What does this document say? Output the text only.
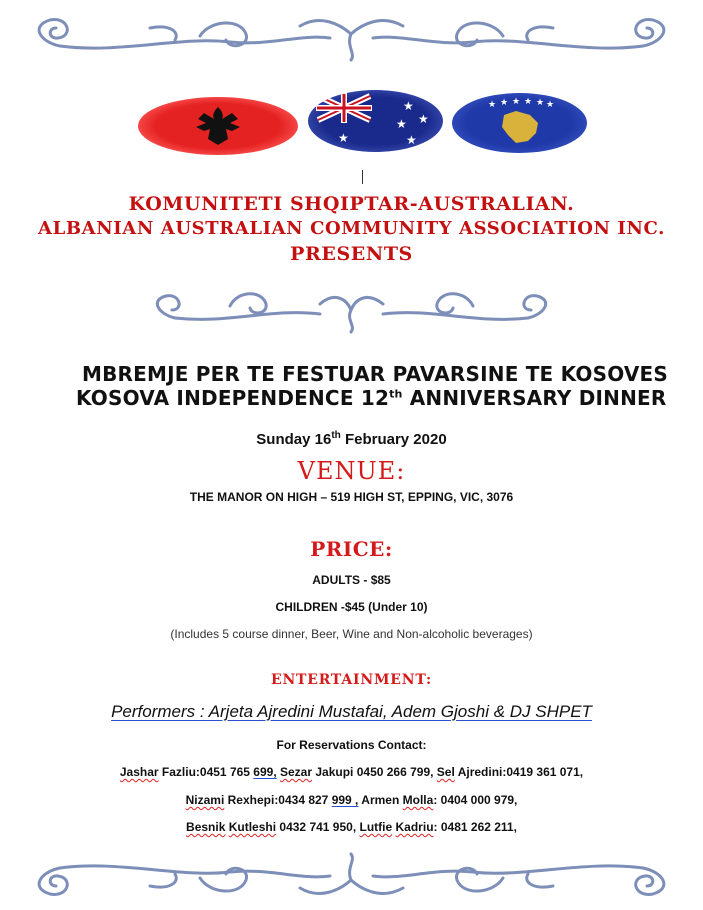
★
★
★
★
★
★ ★ ★ ★ ★ ★
KOMUNITETI SHQIPTAR-AUSTRALIAN.
ALBANIAN AUSTRALIAN COMMUNITY ASSOCIATION INC.
PRESENTS
MBREMJE PER TE FESTUAR PAVARSINE TE KOSOVES
KOSOVA INDEPENDENCE 12th ANNIVERSARY DINNER
Sunday 16th February 2020
VENUE:
THE MANOR ON HIGH – 519 HIGH ST, EPPING, VIC, 3076
PRICE:
ADULTS - $85
CHILDREN -$45 (Under 10)
(Includes 5 course dinner, Beer, Wine and Non-alcoholic beverages)
ENTERTAINMENT:
Performers : Arjeta Ajredini Mustafai, Adem Gjoshi & DJ SHPET
For Reservations Contact:
Jashar Fazliu:0451 765 699, Sezar Jakupi 0450 266 799, Sel Ajredini:0419 361 071,
Nizami Rexhepi:0434 827 999 , Armen Molla: 0404 000 979,
Besnik Kutleshi 0432 741 950, Lutfie Kadriu: 0481 262 211,
